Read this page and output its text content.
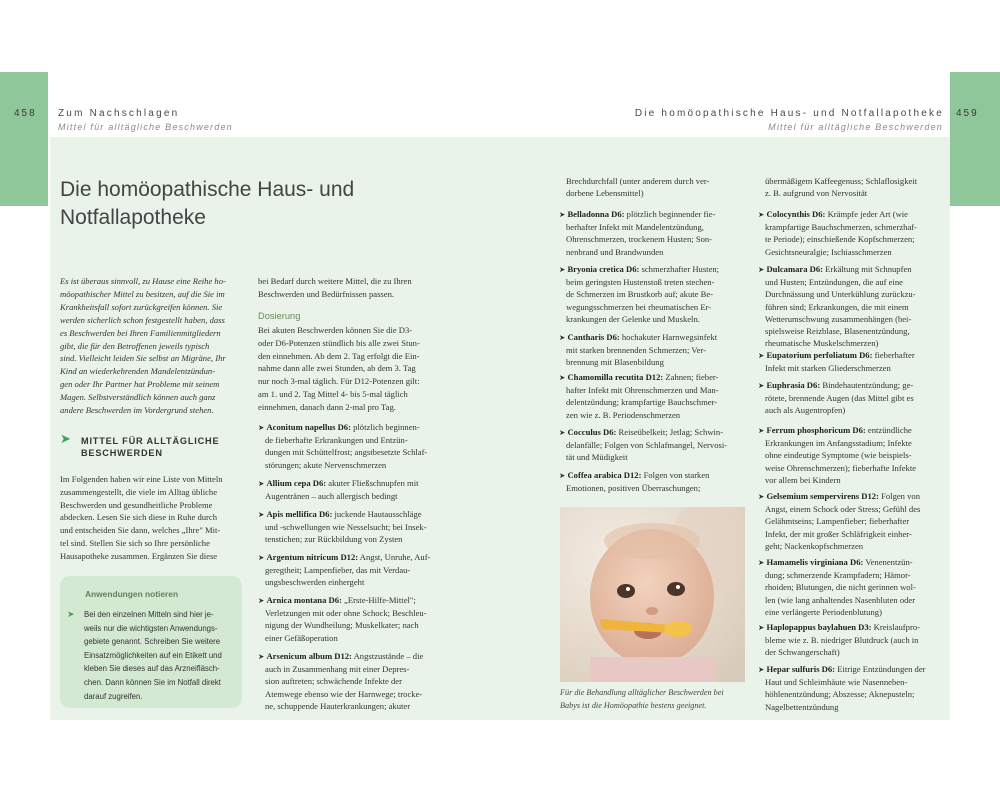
458 Zum Nachschlagen
Mittel für alltägliche Beschwerden
Die homöopathische Haus- und Notfallapotheke
Mittel für alltägliche Beschwerden
459
Die homöopathische Haus- und
Notfallapotheke
Es ist überaus sinnvoll, zu Hause eine Reihe ho-
möopathischer Mittel zu besitzen, auf die Sie im
Krankheitsfall sofort zurückgreifen können. Sie
werden sicherlich schon festgestellt haben, dass
es Beschwerden bei Ihren Familienmitgliedern
gibt, die für den Betroffenen jeweils typisch
sind. Vielleicht leiden Sie selbst an Migräne, Ihr
Kind an wiederkehrenden Mandelentzündun-
gen oder Ihr Partner hat Probleme mit seinem
Magen. Selbstverständlich können auch ganz
andere Beschwerden im Vordergrund stehen.
➤ MITTEL FÜR ALLTÄGLICHE
BESCHWERDEN
Im Folgenden haben wir eine Liste von Mitteln
zusammengestellt, die viele im Alltag übliche
Beschwerden und gesundheitliche Probleme
abdecken. Lesen Sie sich diese in Ruhe durch
und entscheiden Sie dann, welches „Ihre" Mit-
tel sind. Stellen Sie sich so Ihre persönliche
Hausapotheke zusammen. Ergänzen Sie diese
Anwendungen notieren
➤ Bei den einzelnen Mitteln sind hier je-
weils nur die wichtigsten Anwendungs-
gebiete genannt. Schreiben Sie weitere
Einsatzmöglichkeiten auf ein Etikett und
kleben Sie dieses auf das Arzneifläsch-
chen. Dann können Sie im Notfall direkt
darauf zugreifen.
bei Bedarf durch weitere Mittel, die zu Ihren
Beschwerden und Bedürfnissen passen.
Dosierung
Bei akuten Beschwerden können Sie die D3-
oder D6-Potenzen stündlich bis alle zwei Stun-
den einnehmen. Ab dem 2. Tag erfolgt die Ein-
nahme dann alle zwei Stunden, ab dem 3. Tag
nur noch 3-mal täglich. Für D12-Potenzen gilt:
am 1. und 2. Tag Mittel 4- bis 5-mal täglich
einnehmen, danach dann 2-mal pro Tag.
➤ Aconitum napellus D6: plötzlich beginnen-
de fieberhafte Erkrankungen und Entzün-
dungen mit Schüttelfrost; angstbesetzte Schlaf-
störungen; akute Nervenschmerzen
➤ Allium cepa D6: akuter Fließschnupfen mit
Augentränen – auch allergisch bedingt
➤ Apis mellifica D6: juckende Hautausschläge
und -schwellungen wie Nesselsucht; bei Insek-
tenstichen; zur Rückbildung von Zysten
➤ Argentum nitricum D12: Angst, Unruhe, Auf-
geregtheit; Lampenfieber, das mit Verdau-
ungsbeschwerden einhergeht
➤ Arnica montana D6: „Erste-Hilfe-Mittel";
Verletzungen mit oder ohne Schock; Beschleu-
nigung der Wundheilung; Muskelkater; nach
einer Gefäßoperation
➤ Arsenicum album D12: Angstzustände – die
auch in Zusammenhang mit einer Depres-
sion auftreten; schwächende Infekte der
Atemwege ebenso wie der Harnwege; trocke-
ne, schuppende Hauterkrankungen; akuter
Brechdurchfall (unter anderem durch ver-
dorbene Lebensmittel)
➤ Belladonna D6: plötzlich beginnender fie-
berhafter Infekt mit Mandelentzündung,
Ohrenschmerzen, trockenem Husten; Son-
nenbrand und Brandwunden
➤ Bryonia cretica D6: schmerzhafter Husten;
beim geringsten Hustenstoß treten stechen-
de Schmerzen im Brustkorb auf; akute Be-
wegungsschmerzen bei rheumatischen Er-
krankungen der Gelenke und Muskeln.
➤ Cantharis D6: hochakuter Harnwegsinfekt
mit starken brennenden Schmerzen; Ver-
brennung mit Blasenbildung
➤ Chamomilla recutita D12: Zahnen; fieber-
hafter Infekt mit Ohrenschmerzen und Man-
delentzündung; krampfartige Bauchschmer-
zen wie z. B. Periodenschmerzen
➤ Cocculus D6: Reiseübelkeit; Jetlag; Schwin-
delanfälle; Folgen von Schlafmangel, Nervosi-
tät und Müdigkeit
➤ Coffea arabica D12: Folgen von starken
Emotionen, positiven Überraschungen;
Für die Behandlung alltäglicher Beschwerden bei
Babys ist die Homöopathie bestens geeignet.
übermäßigem Kaffeegenuss; Schlaflosigkeit
z. B. aufgrund von Nervosität
➤ Colocynthis D6: Krämpfe jeder Art (wie
krampfartige Bauchschmerzen, schmerzhaf-
te Periode); einschießende Kopfschmerzen;
Gesichtsneuralgie; Ischiasschmerzen
➤ Dulcamara D6: Erkältung mit Schnupfen
und Husten; Entzündungen, die auf eine
Durchnässung und Unterkühlung zurückzu-
führen sind; Erkrankungen, die mit einem
Wetterumschwung zusammenhängen (bei-
spielsweise Reizblase, Blasenentzündung,
rheumatische Muskelschmerzen)
➤ Eupatorium perfoliatum D6: fieberhafter
Infekt mit starken Gliederschmerzen
➤ Euphrasia D6: Bindehautentzündung; ge-
rötete, brennende Augen (das Mittel gibt es
auch als Augentropfen)
➤ Ferrum phosphoricum D6: entzündliche
Erkrankungen im Anfangsstadium; Infekte
ohne eindeutige Symptome (wie beispiels-
weise Ohrenschmerzen); fieberhafte Infekte
vor allem bei Kindern
➤ Gelsemium sempervirens D12: Folgen von
Angst, einem Schock oder Stress; Gefühl des
Gelähmtseins; Lampenfieber; fieberhafter
Infekt, der mit großer Schläfrigkeit einher-
geht; Nackenkopfschmerzen
➤ Hamamelis virginiana D6: Venenentzün-
dung; schmerzende Krampfadern; Hämor-
rhoiden; Blutungen, die nicht gerinnen wol-
len (wie lang anhaltendes Nasenbluten oder
eine verlängerte Periodenblutung)
➤ Haplopappus baylahuen D3: Kreislaufpro-
bleme wie z. B. niedriger Blutdruck (auch in
der Schwangerschaft)
➤ Hepar sulfuris D6: Eitrige Entzündungen der
Haut und Schleimhäute wie Nasenneben-
höhlenentzündung; Abszesse; Aknepusteln;
Nagelbettentzündung
